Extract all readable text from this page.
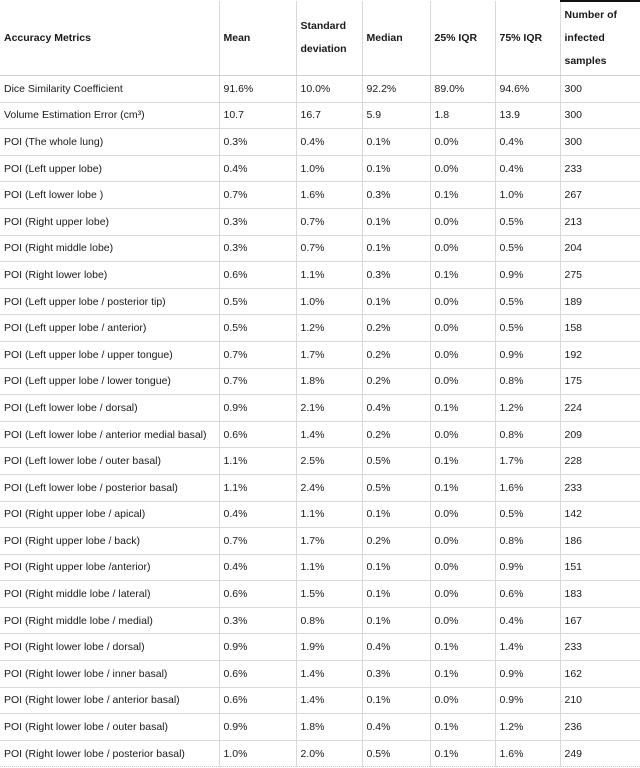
Accuracy Metrics	Mean	Standard deviation	Median	25% IQR	75% IQR	Number of infected samples
Dice Similarity Coefficient	91.6%	10.0%	92.2%	89.0%	94.6%	300
Volume Estimation Error (cm³)	10.7	16.7	5.9	1.8	13.9	300
POI (The whole lung)	0.3%	0.4%	0.1%	0.0%	0.4%	300
POI (Left upper lobe)	0.4%	1.0%	0.1%	0.0%	0.4%	233
POI (Left lower lobe )	0.7%	1.6%	0.3%	0.1%	1.0%	267
POI (Right upper lobe)	0.3%	0.7%	0.1%	0.0%	0.5%	213
POI (Right middle lobe)	0.3%	0.7%	0.1%	0.0%	0.5%	204
POI (Right lower lobe)	0.6%	1.1%	0.3%	0.1%	0.9%	275
POI (Left upper lobe / posterior tip)	0.5%	1.0%	0.1%	0.0%	0.5%	189
POI (Left upper lobe / anterior)	0.5%	1.2%	0.2%	0.0%	0.5%	158
POI (Left upper lobe / upper tongue)	0.7%	1.7%	0.2%	0.0%	0.9%	192
POI (Left upper lobe / lower tongue)	0.7%	1.8%	0.2%	0.0%	0.8%	175
POI (Left lower lobe / dorsal)	0.9%	2.1%	0.4%	0.1%	1.2%	224
POI (Left lower lobe / anterior medial basal)	0.6%	1.4%	0.2%	0.0%	0.8%	209
POI (Left lower lobe / outer basal)	1.1%	2.5%	0.5%	0.1%	1.7%	228
POI (Left lower lobe / posterior basal)	1.1%	2.4%	0.5%	0.1%	1.6%	233
POI (Right upper lobe / apical)	0.4%	1.1%	0.1%	0.0%	0.5%	142
POI (Right upper lobe / back)	0.7%	1.7%	0.2%	0.0%	0.8%	186
POI (Right upper lobe /anterior)	0.4%	1.1%	0.1%	0.0%	0.9%	151
POI (Right middle lobe / lateral)	0.6%	1.5%	0.1%	0.0%	0.6%	183
POI (Right middle lobe / medial)	0.3%	0.8%	0.1%	0.0%	0.4%	167
POI (Right lower lobe / dorsal)	0.9%	1.9%	0.4%	0.1%	1.4%	233
POI (Right lower lobe / inner basal)	0.6%	1.4%	0.3%	0.1%	0.9%	162
POI (Right lower lobe / anterior basal)	0.6%	1.4%	0.1%	0.0%	0.9%	210
POI (Right lower lobe / outer basal)	0.9%	1.8%	0.4%	0.1%	1.2%	236
POI (Right lower lobe / posterior basal)	1.0%	2.0%	0.5%	0.1%	1.6%	249
